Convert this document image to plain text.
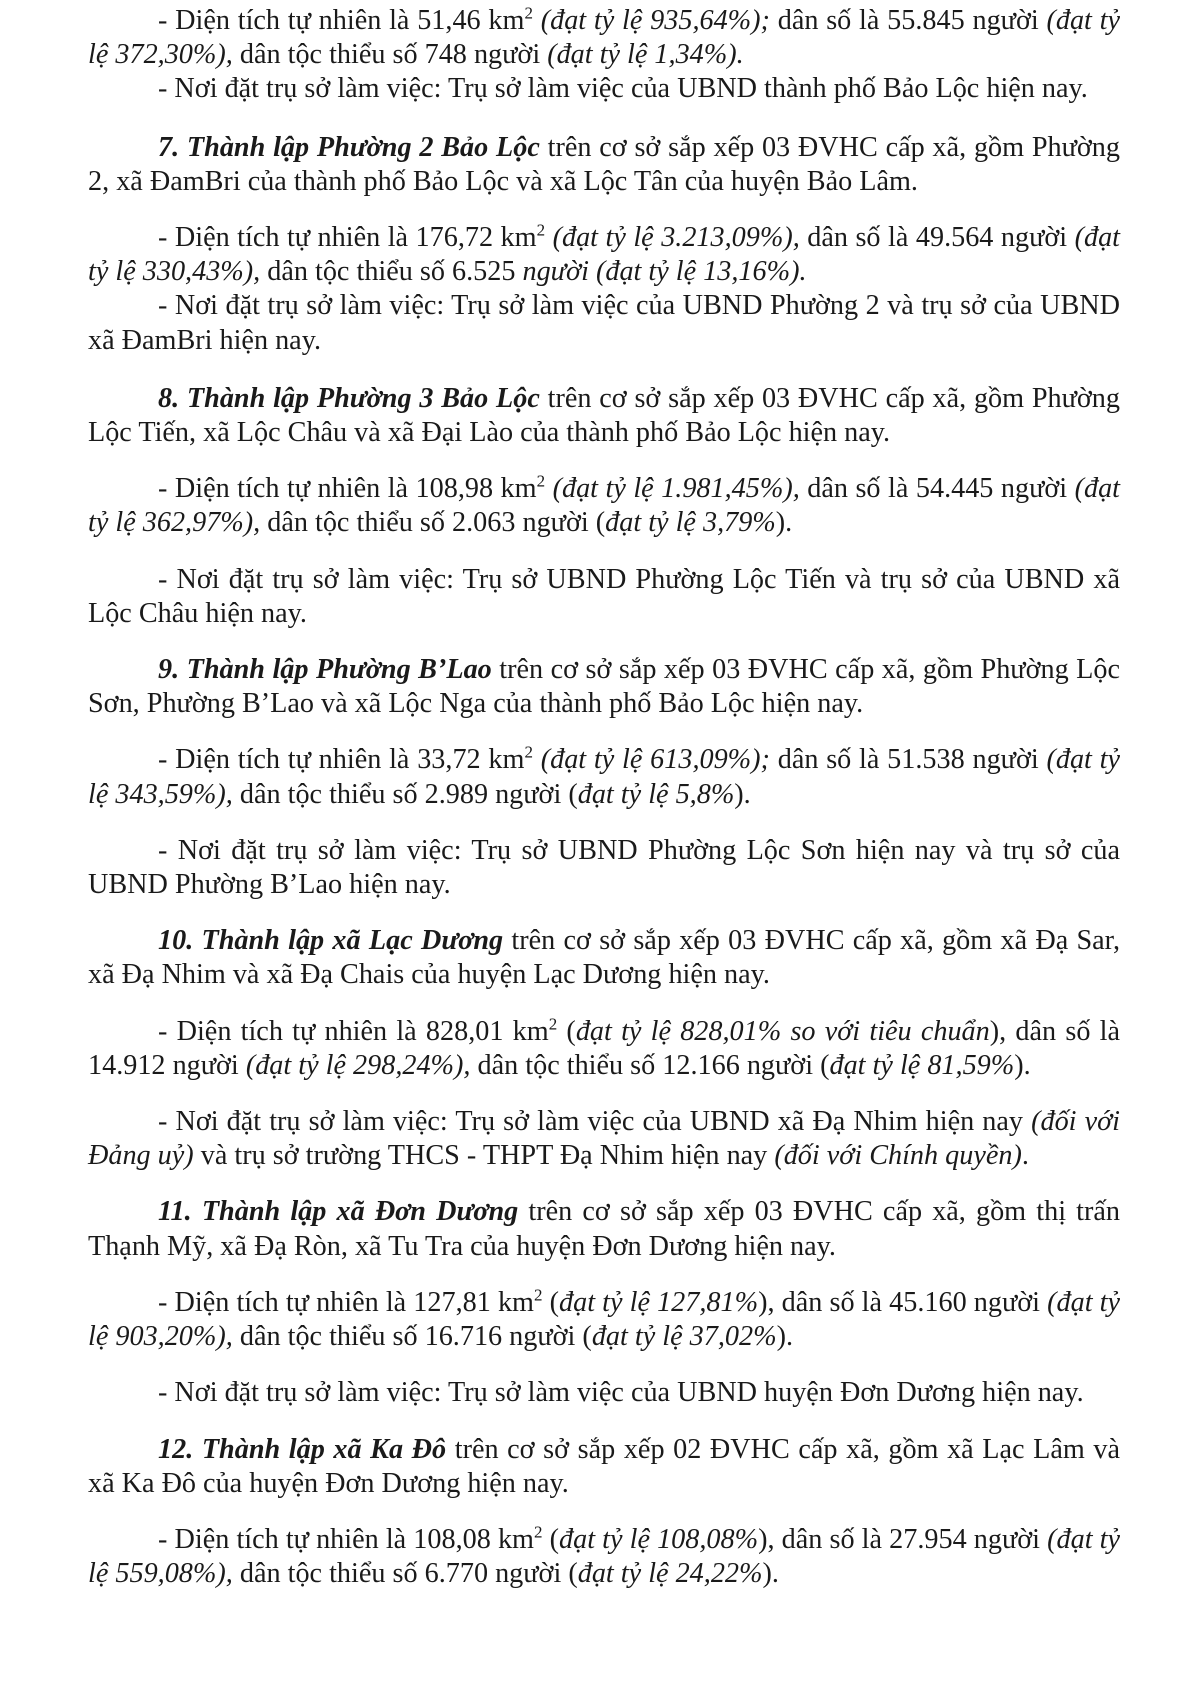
- Diện tích tự nhiên là 51,46 $km^2$ (đạt tỷ lệ 935,64%); dân số là 55.845 người (đạt tỷ lệ 372,30%), dân tộc thiểu số 748 người (đạt tỷ lệ 1,34%).

- Nơi đặt trụ sở làm việc: Trụ sở làm việc của UBND thành phố Bảo Lộc hiện nay.

7. Thành lập Phường 2 Bảo Lộc trên cơ sở sắp xếp 03 ĐVHC cấp xã, gồm Phường 2, xã ĐamBri của thành phố Bảo Lộc và xã Lộc Tân của huyện Bảo Lâm.

- Diện tích tự nhiên là 176,72 $km^2$ (đạt tỷ lệ 3.213,09%), dân số là 49.564 người (đạt tỷ lệ 330,43%), dân tộc thiểu số 6.525 người (đạt tỷ lệ 13,16%).

- Nơi đặt trụ sở làm việc: Trụ sở làm việc của UBND Phường 2 và trụ sở của UBND xã ĐamBri hiện nay.

8. Thành lập Phường 3 Bảo Lộc trên cơ sở sắp xếp 03 ĐVHC cấp xã, gồm Phường Lộc Tiến, xã Lộc Châu và xã Đại Lào của thành phố Bảo Lộc hiện nay.

- Diện tích tự nhiên là 108,98 $km^2$ (đạt tỷ lệ 1.981,45%), dân số là 54.445 người (đạt tỷ lệ 362,97%), dân tộc thiểu số 2.063 người (đạt tỷ lệ 3,79%).

- Nơi đặt trụ sở làm việc: Trụ sở UBND Phường Lộc Tiến và trụ sở của UBND xã Lộc Châu hiện nay.

9. Thành lập Phường B’Lao trên cơ sở sắp xếp 03 ĐVHC cấp xã, gồm Phường Lộc Sơn, Phường B’Lao và xã Lộc Nga của thành phố Bảo Lộc hiện nay.

- Diện tích tự nhiên là 33,72 $km^2$ (đạt tỷ lệ 613,09%); dân số là 51.538 người (đạt tỷ lệ 343,59%), dân tộc thiểu số 2.989 người (đạt tỷ lệ 5,8%).

- Nơi đặt trụ sở làm việc: Trụ sở UBND Phường Lộc Sơn hiện nay và trụ sở của UBND Phường B’Lao hiện nay.

10. Thành lập xã Lạc Dương trên cơ sở sắp xếp 03 ĐVHC cấp xã, gồm xã Đạ Sar, xã Đạ Nhim và xã Đạ Chais của huyện Lạc Dương hiện nay.

- Diện tích tự nhiên là 828,01 $km^2$ (đạt tỷ lệ 828,01% so với tiêu chuẩn), dân số là 14.912 người (đạt tỷ lệ 298,24%), dân tộc thiểu số 12.166 người (đạt tỷ lệ 81,59%).

- Nơi đặt trụ sở làm việc: Trụ sở làm việc của UBND xã Đạ Nhim hiện nay (đối với Đảng uỷ) và trụ sở trường THCS - THPT Đạ Nhim hiện nay (đối với Chính quyền).

11. Thành lập xã Đơn Dương trên cơ sở sắp xếp 03 ĐVHC cấp xã, gồm thị trấn Thạnh Mỹ, xã Đạ Ròn, xã Tu Tra của huyện Đơn Dương hiện nay.

- Diện tích tự nhiên là 127,81 $km^2$ (đạt tỷ lệ 127,81%), dân số là 45.160 người (đạt tỷ lệ 903,20%), dân tộc thiểu số 16.716 người (đạt tỷ lệ 37,02%).

- Nơi đặt trụ sở làm việc: Trụ sở làm việc của UBND huyện Đơn Dương hiện nay.

12. Thành lập xã Ka Đô trên cơ sở sắp xếp 02 ĐVHC cấp xã, gồm xã Lạc Lâm và xã Ka Đô của huyện Đơn Dương hiện nay.

- Diện tích tự nhiên là 108,08 $km^2$ (đạt tỷ lệ 108,08%), dân số là 27.954 người (đạt tỷ lệ 559,08%), dân tộc thiểu số 6.770 người (đạt tỷ lệ 24,22%).
